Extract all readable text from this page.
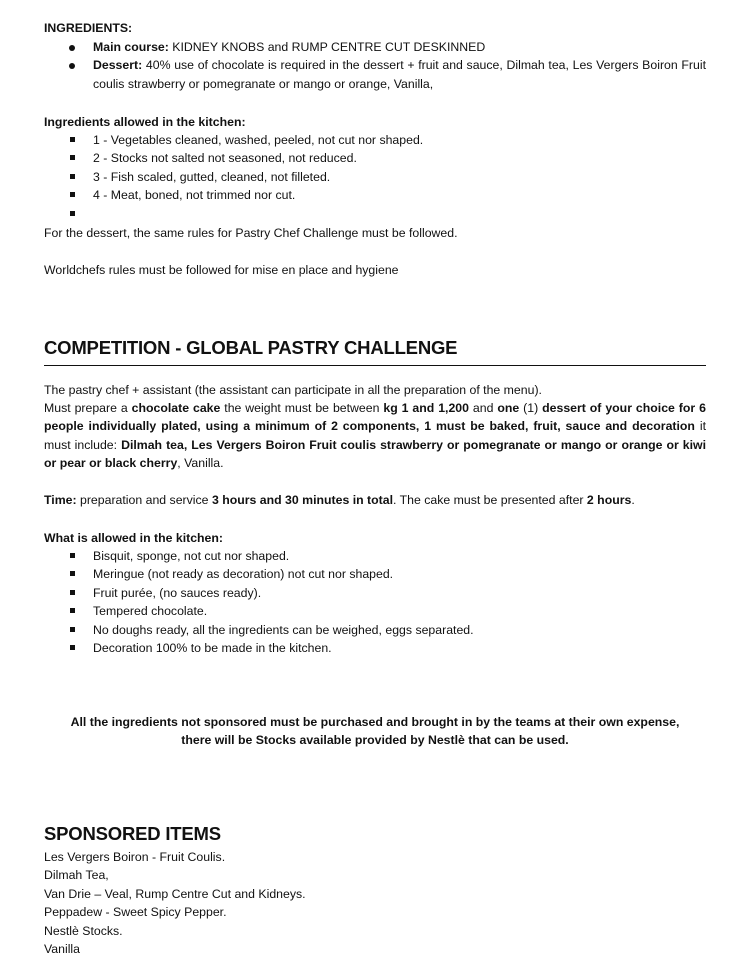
INGREDIENTS:

Main course: KIDNEY KNOBS and RUMP CENTRE CUT DESKINNED
Dessert: 40% use of chocolate is required in the dessert + fruit and sauce, Dilmah tea, Les Vergers Boiron Fruit coulis strawberry or pomegranate or mango or orange, Vanilla,

Ingredients allowed in the kitchen:

1 - Vegetables cleaned, washed, peeled, not cut nor shaped.
2 - Stocks not salted not seasoned, not reduced.
3 - Fish scaled, gutted, cleaned, not filleted.
4 - Meat, boned, not trimmed nor cut.

For the dessert, the same rules for Pastry Chef Challenge must be followed.

Worldchefs rules must be followed for mise en place and hygiene

COMPETITION - GLOBAL PASTRY CHALLENGE

The pastry chef + assistant (the assistant can participate in all the preparation of the menu).

Must prepare a chocolate cake the weight must be between kg 1 and 1,200 and one (1) dessert of your choice for 6 people individually plated, using a minimum of 2 components, 1 must be baked, fruit, sauce and decoration it must include: Dilmah tea, Les Vergers Boiron Fruit coulis strawberry or pomegranate or mango or orange or kiwi or pear or black cherry, Vanilla.

Time: preparation and service 3 hours and 30 minutes in total. The cake must be presented after 2 hours.

What is allowed in the kitchen:

Bisquit, sponge, not cut nor shaped.
Meringue (not ready as decoration) not cut nor shaped.
Fruit purée, (no sauces ready).
Tempered chocolate.
No doughs ready, all the ingredients can be weighed, eggs separated.
Decoration 100% to be made in the kitchen.

All the ingredients not sponsored must be purchased and brought in by the teams at their own expense,

there will be Stocks available provided by Nestlè that can be used.

SPONSORED ITEMS
Les Vergers Boiron - Fruit Coulis.
Dilmah Tea,
Van Drie – Veal, Rump Centre Cut and Kidneys.
Peppadew - Sweet Spicy Pepper.
Nestlè Stocks.
Vanilla
